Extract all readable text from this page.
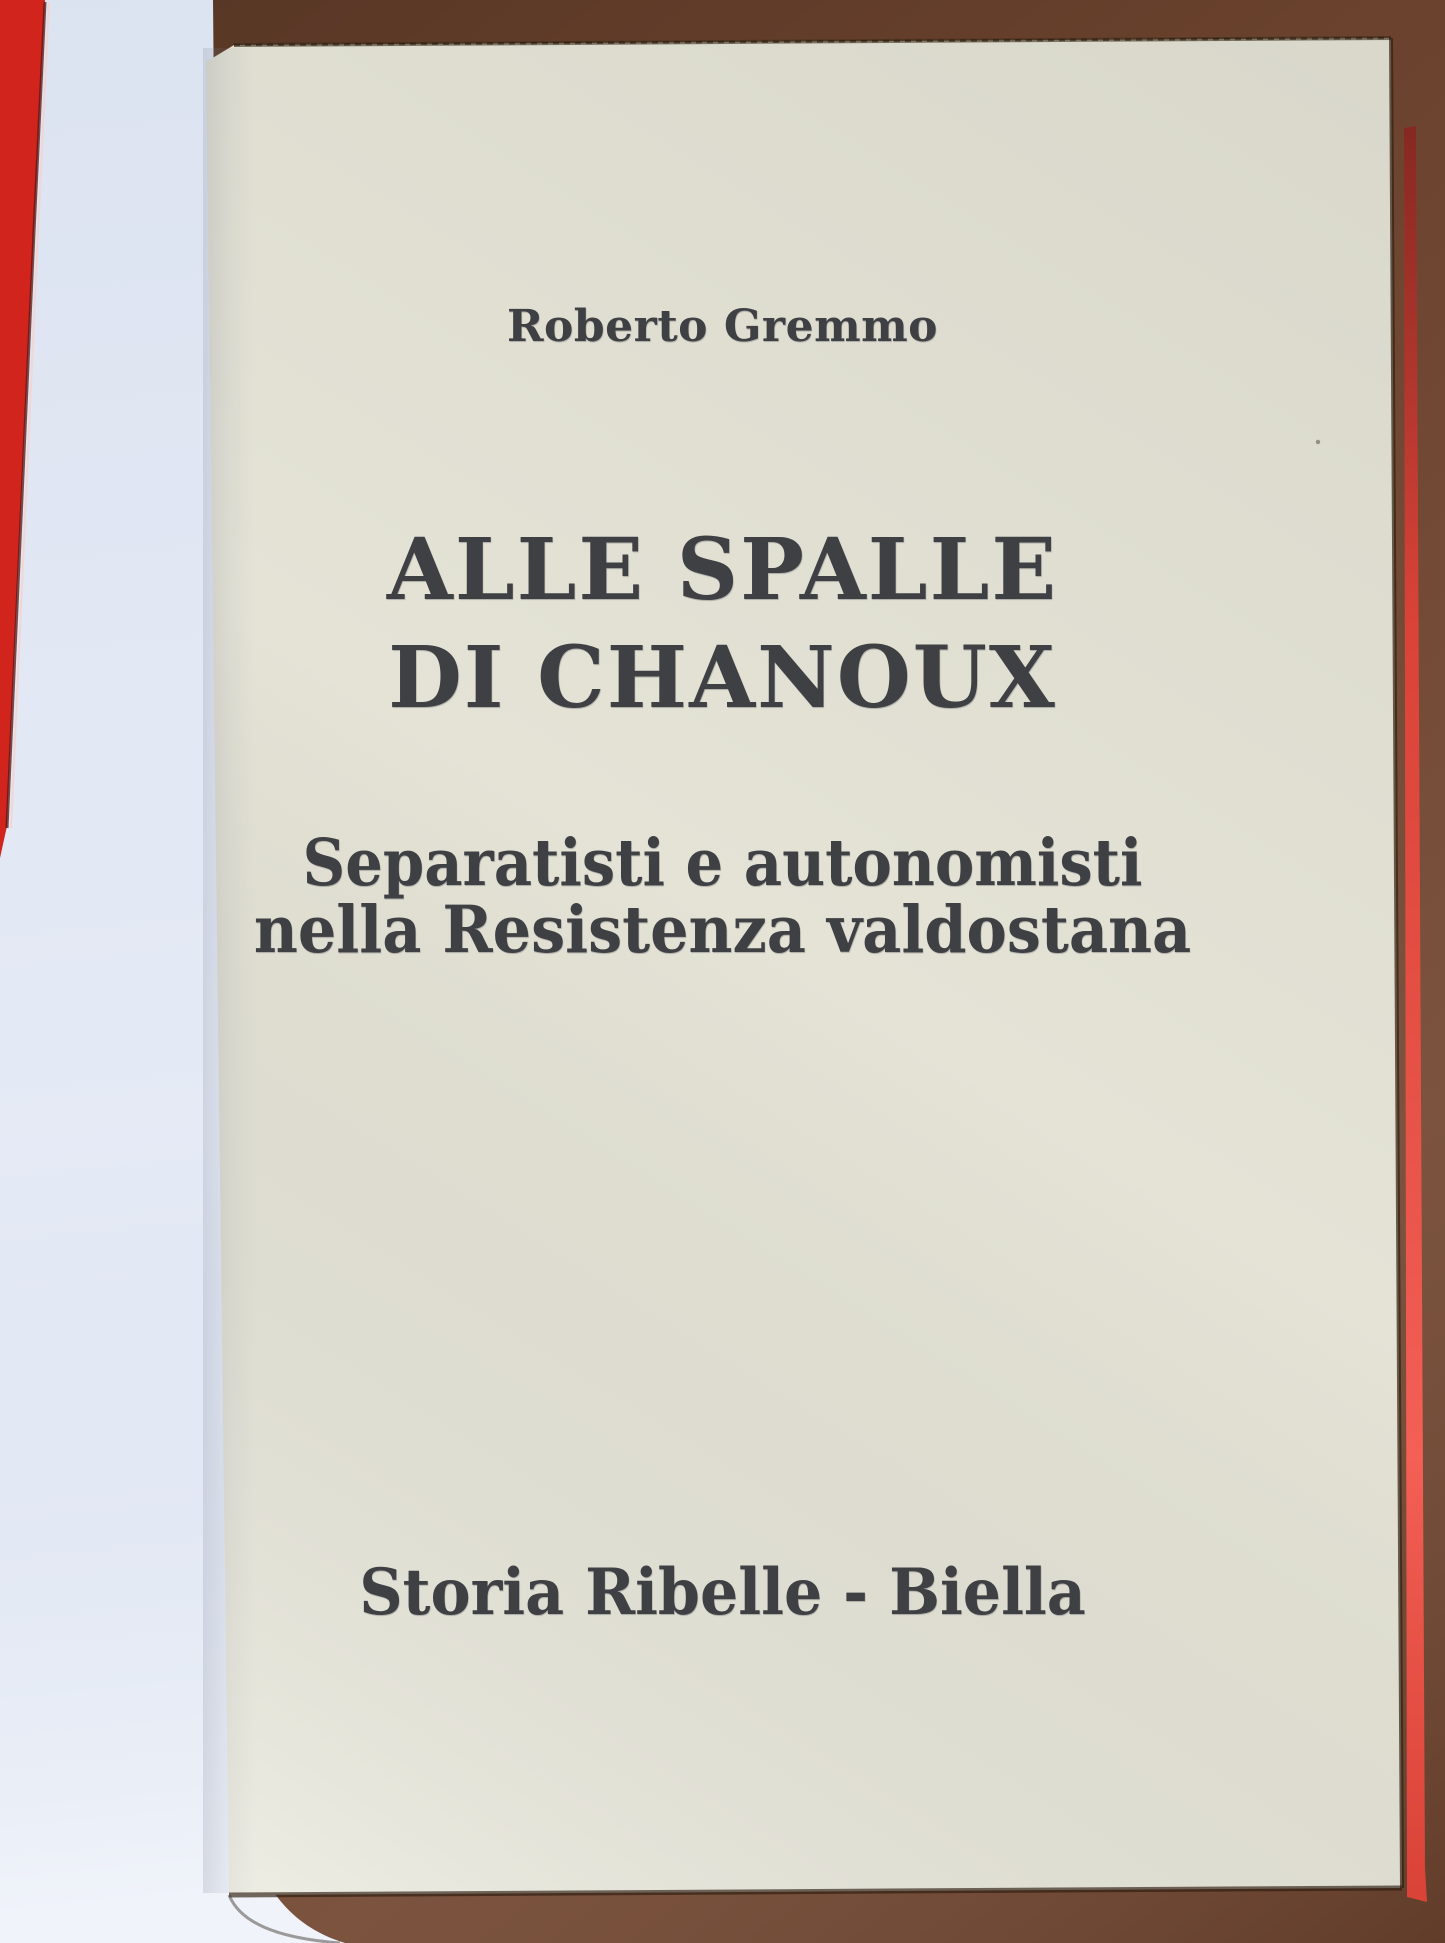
Roberto Gremmo
ALLE SPALLE
DI CHANOUX
Separatisti e autonomisti
nella Resistenza valdostana
Storia Ribelle - Biella
